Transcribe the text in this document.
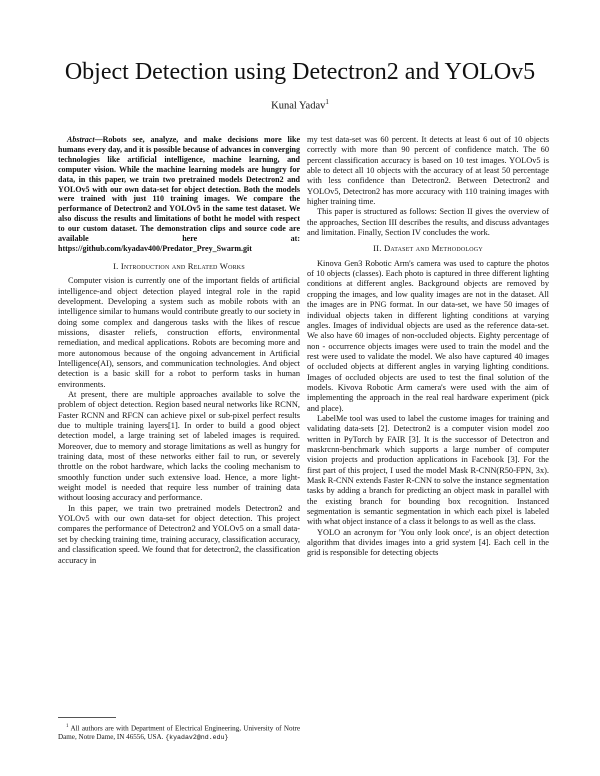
Object Detection using Detectron2 and YOLOv5
Kunal Yadav$^1$

Abstract—Robots see, analyze, and make decisions more like humans every day, and it is possible because of advances in converging technologies like artificial intelligence, machine learning, and computer vision. While the machine learning models are hungry for data, in this paper, we train two pretrained models Detectron2 and YOLOv5 with our own data-set for object detection. Both the models were trained with just 110 training images. We compare the performance of Detectron2 and YOLOv5 in the same test dataset. We also discuss the results and limitations of botht he model with respect to our custom dataset. The demonstration clips and source code are available here at: https://github.com/kyadav400/Predator_Prey_Swarm.git

I. Introduction and Related Works

Computer vision is currently one of the important fields of artificial intelligence-and object detection played integral role in the rapid development. Developing a system such as mobile robots with an intelligence similar to humans would contribute greatly to our society in doing some complex and dangerous tasks with the likes of rescue missions, disaster reliefs, construction efforts, environmental remediation, and medical applications. Robots are becoming more and more autonomous because of the ongoing advancement in Artificial Intelligence(AI), sensors, and communication technologies. And object detection is a basic skill for a robot to perform tasks in human environments.

At present, there are multiple approaches available to solve the problem of object detection. Region based neural networks like RCNN, Faster RCNN and RFCN can achieve pixel or sub-pixel perfect results due to multiple training layers[1]. In order to build a good object detection model, a large training set of labeled images is required. Moreover, due to memory and storage limitations as well as hungry for training data, most of these networks either fail to run, or severely throttle on the robot hardware, which lacks the cooling mechanism to smoothly function under such extensive load. Hence, a more light-weight model is needed that require less number of training data without loosing accuracy and performance.

In this paper, we train two pretrained models Detectron2 and YOLOv5 with our own data-set for object detection. This project compares the performance of Detectron2 and YOLOv5 on a small data-set by checking training time, training accuracy, classification accuracy, and classification speed. We found that for detectron2, the classification accuracy in

$^1$ All authors are with Department of Electrical Engineering, University of Notre Dame, Notre Dame, IN 46556, USA. {kyadav2@nd.edu}

my test data-set was 60 percent. It detects at least 6 out of 10 objects correctly with more than 90 percent of confidence match. The 60 percent classification accuracy is based on 10 test images. YOLOv5 is able to detect all 10 objects with the accuracy of at least 50 percentage with less confidence than Detectron2. Between Detectron2 and YOLOv5, Detectron2 has more accuracy with 110 training images with higher training time.

This paper is structured as follows: Section II gives the overview of the approaches, Section III describes the results, and discuss advantages and limitation. Finally, Section IV concludes the work.

II. Dataset and Methodology

Kinova Gen3 Robotic Arm's camera was used to capture the photos of 10 objects (classes). Each photo is captured in three different lighting conditions at different angles. Background objects are removed by cropping the images, and low quality images are not in the dataset. All the images are in PNG format. In our data-set, we have 50 images of individual objects taken in different lighting conditions at varying angles. Images of individual objects are used as the reference data-set. We also have 60 images of non-occluded objects. Eighty percentage of non - occurrence objects images were used to train the model and the rest were used to validate the model. We also have captured 40 images of occluded objects at different angles in varying lighting conditions. Images of occluded objects are used to test the final solution of the models. Kivova Robotic Arm camera's were used with the aim of implementing the approach in the real real hardware experiment (pick and place).

LabelMe tool was used to label the custome images for training and validating data-sets [2]. Detectron2 is a computer vision model zoo written in PyTorch by FAIR [3]. It is the successor of Detectron and maskrcnn-benchmark which supports a large number of computer vision projects and production applications in Facebook [3]. For the first part of this project, I used the model Mask R-CNN(R50-FPN, 3x). Mask R-CNN extends Faster R-CNN to solve the instance segmentation tasks by adding a branch for predicting an object mask in parallel with the existing branch for bounding box recognition. Instanced segmentation is semantic segmentation in which each pixel is labeled with what object instance of a class it belongs to as well as the class.

YOLO an acronym for 'You only look once', is an object detection algorithm that divides images into a grid system [4]. Each cell in the grid is responsible for detecting objects
